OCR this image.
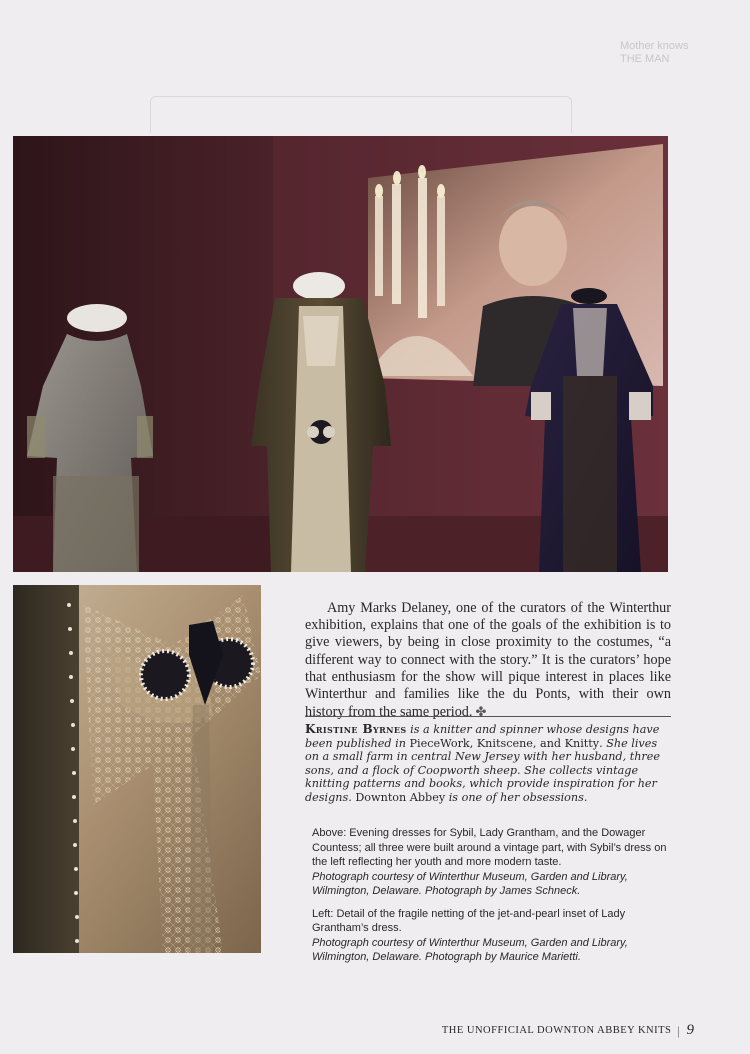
Mother knows
THE MAN

Amy Marks Delaney, one of the curators of the Winterthur exhibition, explains that one of the goals of the exhibition is to give viewers, by being in close proximity to the costumes, “a different way to connect with the story.” It is the curators’ hope that enthusiasm for the show will pique interest in places like Winterthur and families like the du Ponts, with their own history from the same period. ✤

Kristine Byrnes is a knitter and spinner whose designs have been published in PieceWork, Knitscene, and Knitty. She lives on a small farm in central New Jersey with her husband, three sons, and a flock of Coopworth sheep. She collects vintage knitting patterns and books, which provide inspiration for her designs. Downton Abbey is one of her obsessions.

Above: Evening dresses for Sybil, Lady Grantham, and the Dowager Countess; all three were built around a vintage part, with Sybil’s dress on the left reflecting her youth and more modern taste.
Photograph courtesy of Winterthur Museum, Garden and Library, Wilmington, Delaware. Photograph by James Schneck.

Left: Detail of the fragile netting of the jet-and-pearl inset of Lady Grantham’s dress.
Photograph courtesy of Winterthur Museum, Garden and Library, Wilmington, Delaware. Photograph by Maurice Marietti.

THE UNOFFICIAL DOWNTON ABBEY KNITS | 9
